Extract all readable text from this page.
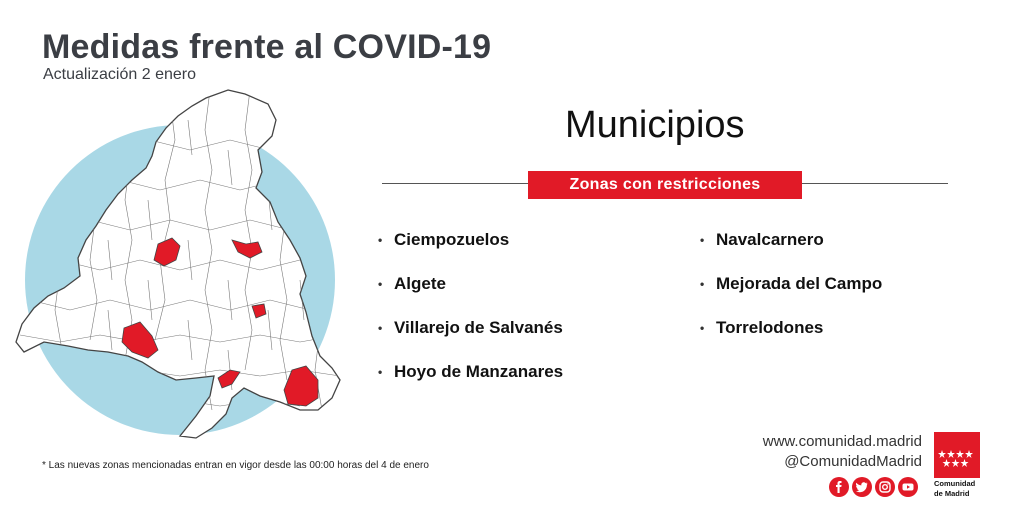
Medidas frente al COVID-19
Actualización 2 enero
Municipios
Zonas con restricciones
• Ciempozuelos
• Algete
• Villarejo de Salvanés
• Hoyo de Manzanares
• Navalcarnero
• Mejorada del Campo
• Torrelodones
* Las nuevas zonas mencionadas entran en vigor desde las 00:00 horas del 4 de enero
www.comunidad.madrid
@ComunidadMadrid
Comunidad
de Madrid
